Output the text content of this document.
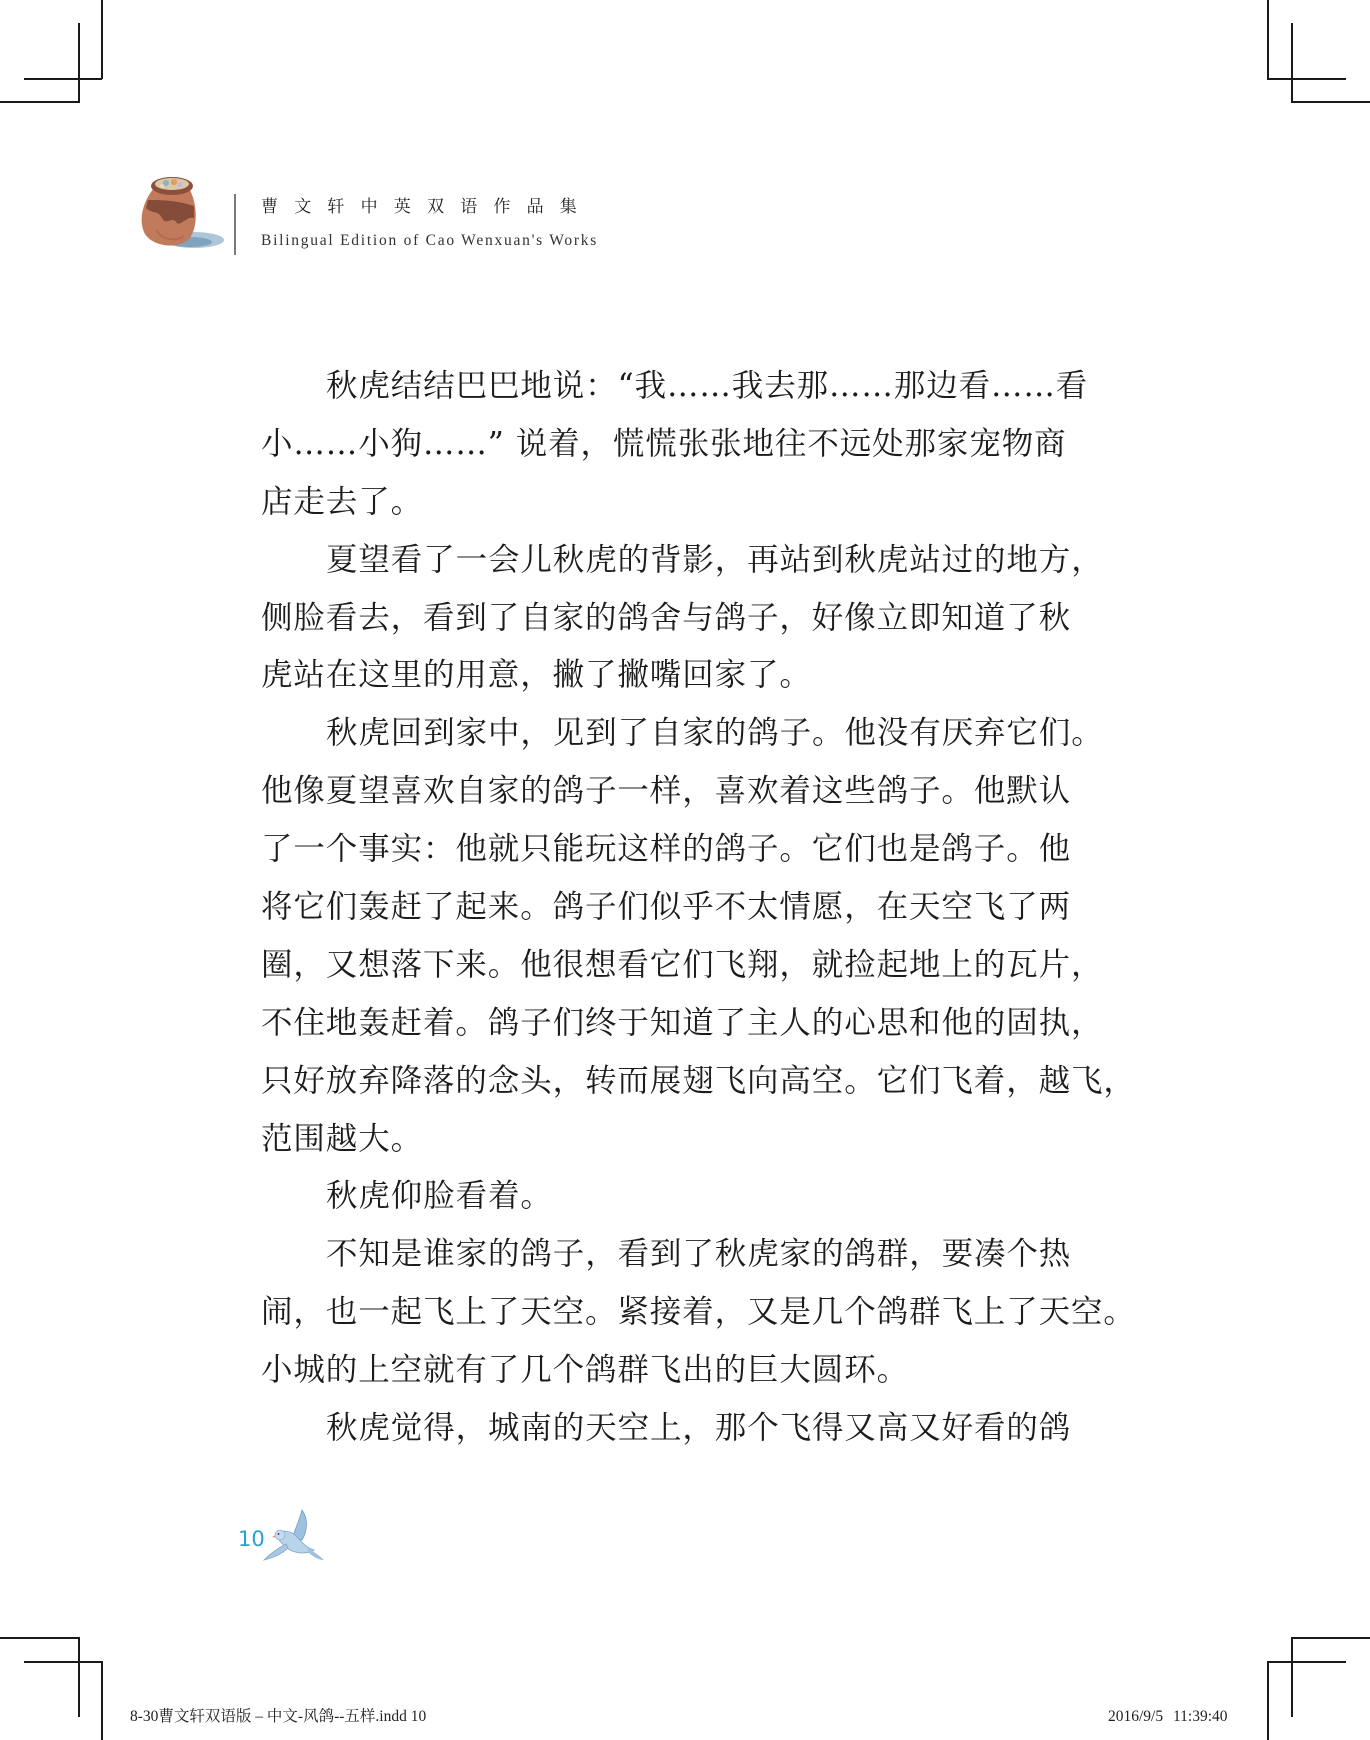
曹文轩中英双语作品集
Bilingual Edition of Cao Wenxuan's Works
秋虎结结巴巴地说：“我……我去那……那边看……看
小……小狗……” 说着，慌慌张张地往不远处那家宠物商
店走去了。
夏望看了一会儿秋虎的背影，再站到秋虎站过的地方，
侧脸看去，看到了自家的鸽舍与鸽子，好像立即知道了秋
虎站在这里的用意，撇了撇嘴回家了。
秋虎回到家中，见到了自家的鸽子。他没有厌弃它们。
他像夏望喜欢自家的鸽子一样，喜欢着这些鸽子。他默认
了一个事实：他就只能玩这样的鸽子。它们也是鸽子。他
将它们轰赶了起来。鸽子们似乎不太情愿，在天空飞了两
圈，又想落下来。他很想看它们飞翔，就捡起地上的瓦片，
不住地轰赶着。鸽子们终于知道了主人的心思和他的固执，
只好放弃降落的念头，转而展翅飞向高空。它们飞着，越飞，
范围越大。
秋虎仰脸看着。
不知是谁家的鸽子，看到了秋虎家的鸽群，要凑个热
闹，也一起飞上了天空。紧接着，又是几个鸽群飞上了天空。
小城的上空就有了几个鸽群飞出的巨大圆环。
秋虎觉得，城南的天空上，那个飞得又高又好看的鸽
10
8-30曹文轩双语版 – 中文-风鸽--五样.indd 10	2016/9/5 11:39:40
